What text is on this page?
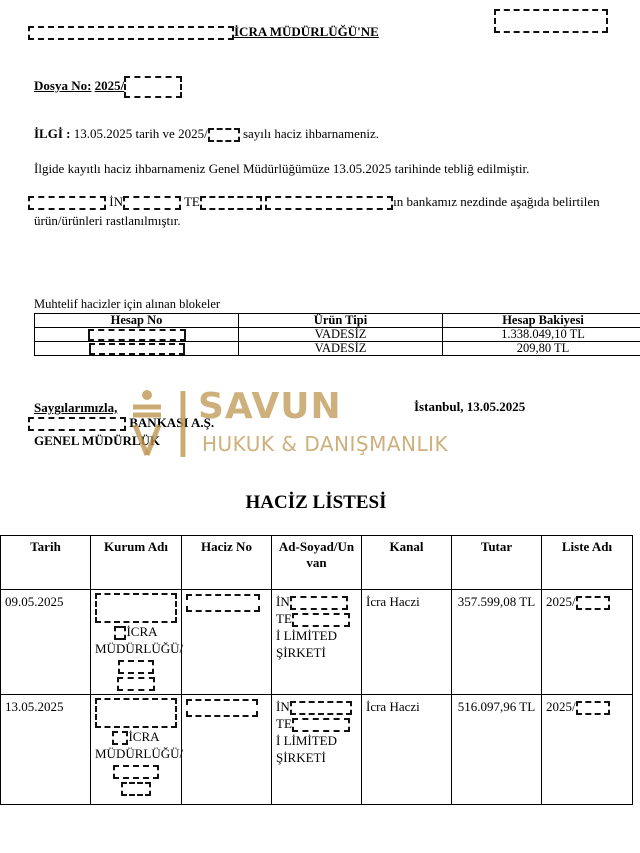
İCRA MÜDÜRLÜĞÜ'NE
Dosya No: 2025/
İLGİ : 13.05.2025 tarih ve 2025/	sayılı haciz ihbarnameniz.
İlgide kayıtlı haciz ihbarnameniz Genel Müdürlüğümüze 13.05.2025 tarihinde tebliğ edilmiştir.
İN	TE	ın bankamız nezdinde aşağıda belirtilen
ürün/ürünleri rastlanılmıştır.
Muhtelif hacizler için alınan blokeler
Hesap No	Ürün Tipi	Hesap Bakiyesi
	VADESİZ	1.338.049,10 TL
	VADESİZ	209,80 TL
Saygılarımızla,
BANKASI A.Ş.
GENEL MÜDÜRLÜK
İstanbul, 13.05.2025
SAVUN
HUKUK & DANIŞMANLIK
HACİZ LİSTESİ
Tarih	Kurum Adı	Haciz No	Ad-Soyad/Unvan	Kanal	Tutar	Liste Adı
09.05.2025	İCRA MÜDÜRLÜĞÜ/		İN
TE
İ LİMİTED ŞİRKETİ	İcra Haczi	357.599,08 TL	2025/
13.05.2025	İCRA MÜDÜRLÜĞÜ/		İN
TE
İ LİMİTED ŞİRKETİ	İcra Haczi	516.097,96 TL	2025/
